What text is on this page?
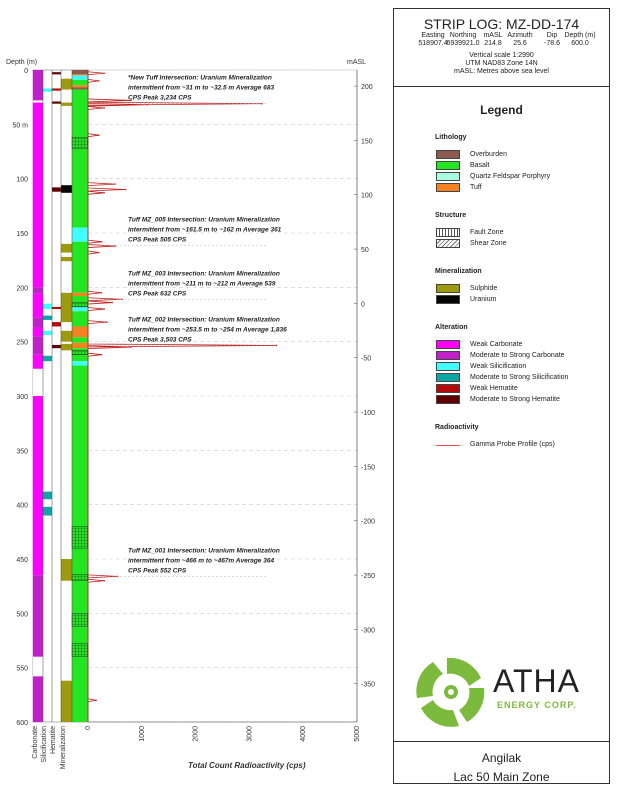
Depth (m)
0
50 m
100
150
200
250
300
350
400
450
500
550
600
mASL
200
150
100
50
0
-50
-100
-150
-200
-250
-300
-350
0	1000	2000	3000	4000	5000
Total Count Radioactivity (cps)
Carbonate Silicification Hematite Mineralization
*New Tuff Intersection: Uranium Mineralization
intermittent from ~31 m to ~32.5 m Average 683
CPS Peak 3,234 CPS
Tuff MZ_005 Intersection: Uranium Mineralization
intermittent from ~161.5 m to ~162 m Average 361
CPS Peak 505 CPS
Tuff MZ_003 Intersection: Uranium Mineralization
intermittent from ~211 m to ~212 m Average 539
CPS Peak 632 CPS
Tuff MZ_002 Intersection: Uranium Mineralization
intermittent from ~253.5 m to ~254 m Average 1,836
CPS Peak 3,503 CPS
Tuff MZ_001 Intersection: Uranium Mineralization
intermittent from ~466 m to ~467m Average 364
CPS Peak 552 CPS
STRIP LOG: MZ-DD-174
Easting
518907.4
Northing
6939921.0
mASL
214.8
Azimuth
25.6
Dip
-78.6
Depth (m)
600.0
Vertical scale 1:2990
UTM NAD83 Zone 14N
mASL: Metres above sea level
Legend
Lithology
Overburden
Basalt
Quartz Feldspar Porphyry
Tuff
Structure
Fault Zone
Shear Zone
Mineralization
Sulphide
Uranium
Alteration
Weak Carbonate
Moderate to Strong Carbonate
Weak Silicification
Moderate to Strong Silicification
Weak Hematite
Moderate to Strong Hematite
Radioactivity
Gamma Probe Profile (cps)
ATHA
ENERGY CORP.
Angilak
Lac 50 Main Zone
